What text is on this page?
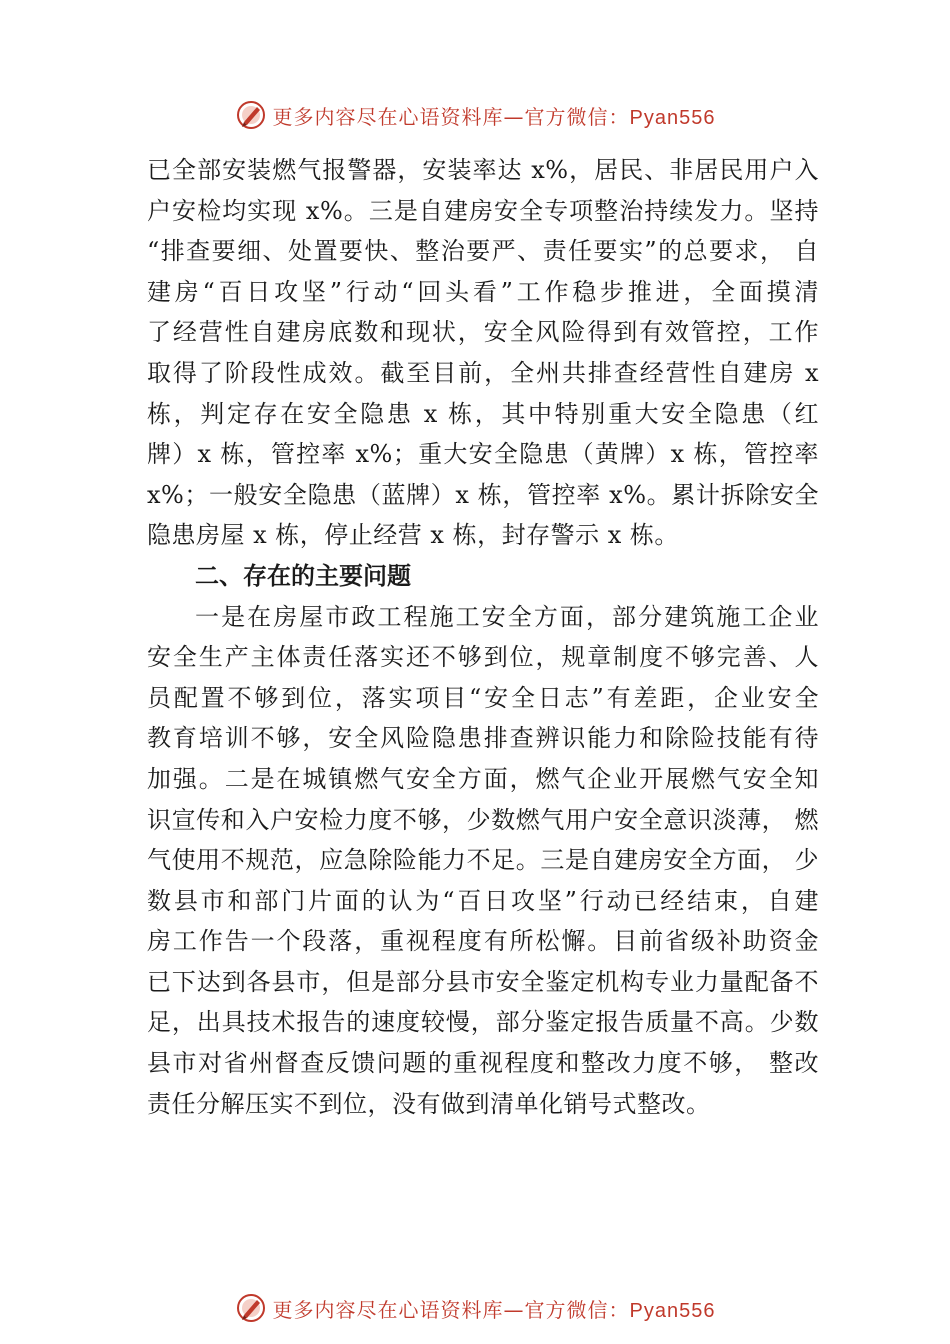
更多内容尽在心语资料库—官方微信：Pyan556

已全部安装燃气报警器，安装率达 x%，居民、非居民用户入

户安检均实现 x%。三是自建房安全专项整治持续发力。坚持

“排查要细、处置要快、整治要严、责任要实”的总要求， 自

建房“百日攻坚”行动“回头看”工作稳步推进，全面摸清

了经营性自建房底数和现状，安全风险得到有效管控，工作

取得了阶段性成效。截至目前，全州共排查经营性自建房 x

栋，判定存在安全隐患 x 栋，其中特别重大安全隐患（红

牌）x 栋，管控率 x%；重大安全隐患（黄牌）x 栋，管控率

x%；一般安全隐患（蓝牌）x 栋，管控率 x%。累计拆除安全

隐患房屋 x 栋，停止经营 x 栋，封存警示 x 栋。

二、存在的主要问题

一是在房屋市政工程施工安全方面，部分建筑施工企业

安全生产主体责任落实还不够到位，规章制度不够完善、人

员配置不够到位，落实项目“安全日志”有差距，企业安全

教育培训不够，安全风险隐患排查辨识能力和除险技能有待

加强。二是在城镇燃气安全方面，燃气企业开展燃气安全知

识宣传和入户安检力度不够，少数燃气用户安全意识淡薄， 燃

气使用不规范，应急除险能力不足。三是自建房安全方面， 少

数县市和部门片面的认为“百日攻坚”行动已经结束，自建

房工作告一个段落，重视程度有所松懈。目前省级补助资金

已下达到各县市，但是部分县市安全鉴定机构专业力量配备不

足，出具技术报告的速度较慢，部分鉴定报告质量不高。少数

县市对省州督查反馈问题的重视程度和整改力度不够， 整改

责任分解压实不到位，没有做到清单化销号式整改。

更多内容尽在心语资料库—官方微信：Pyan556
